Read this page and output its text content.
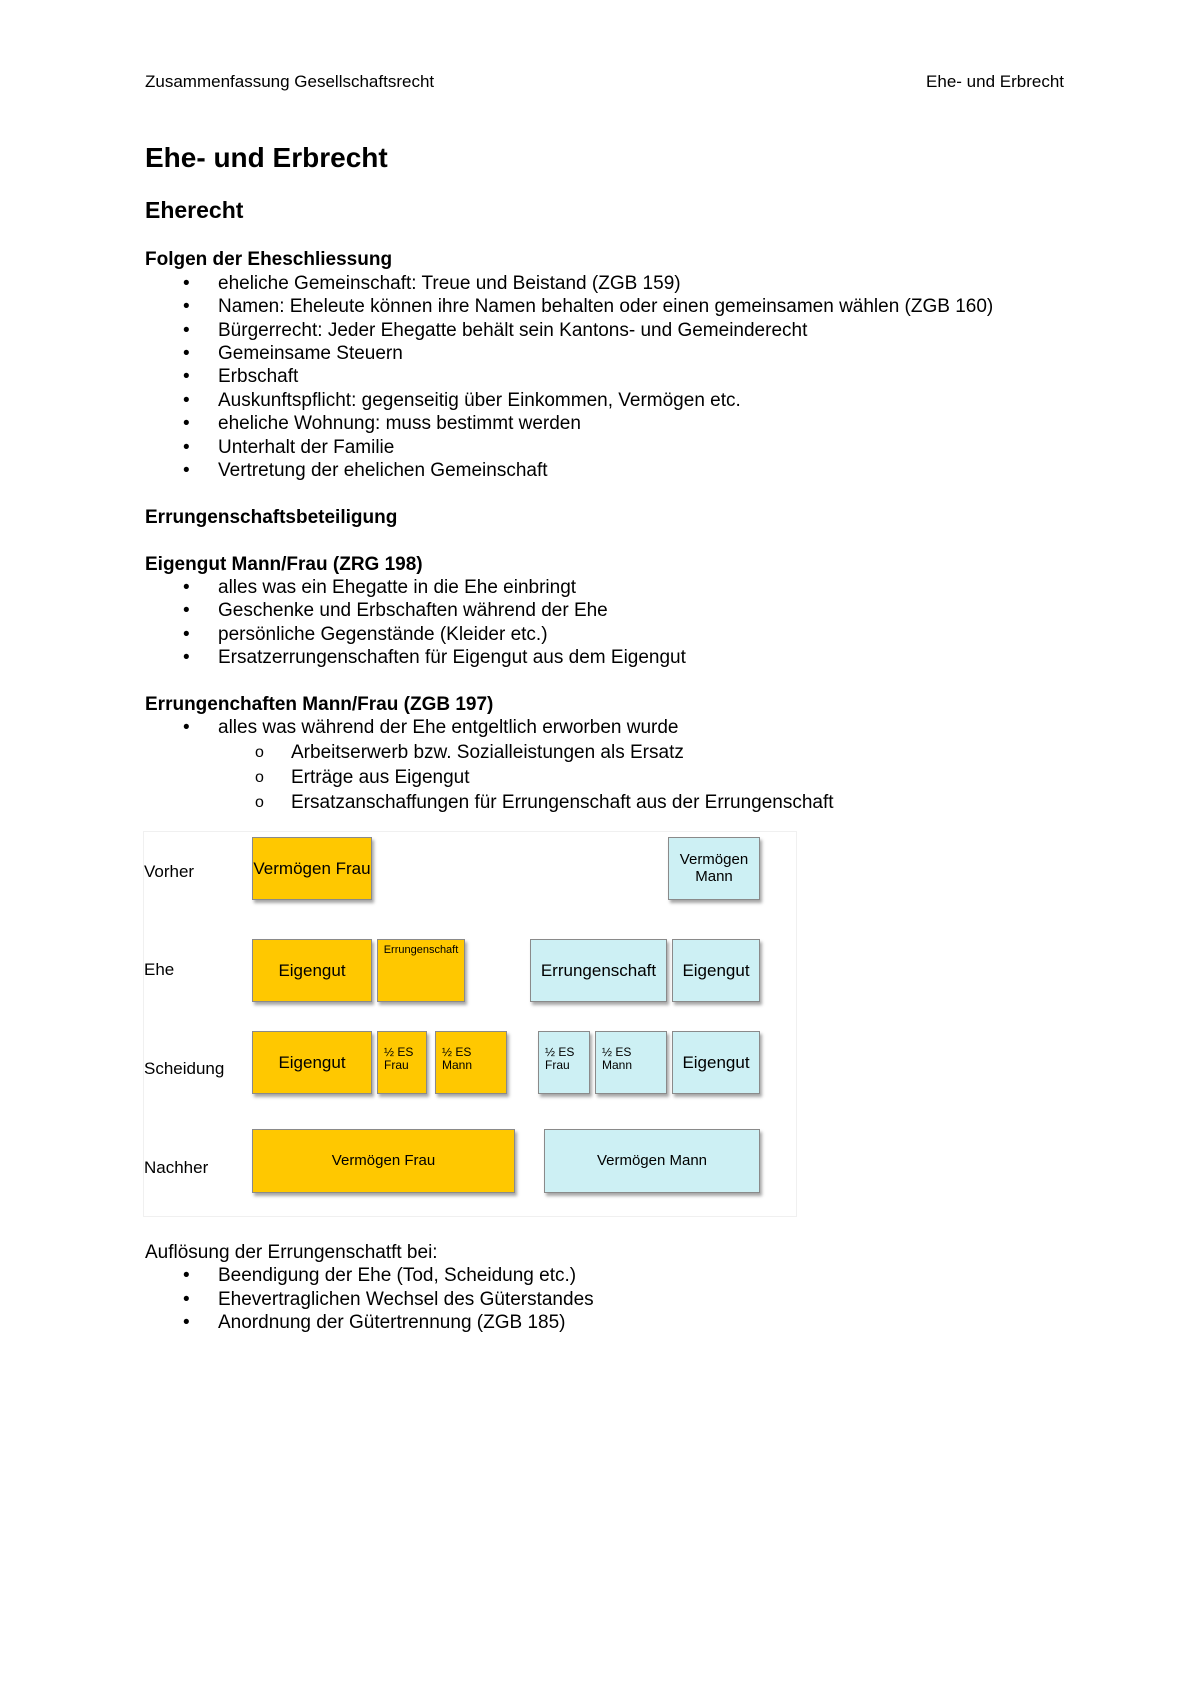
Zusammenfassung Gesellschaftsrecht	Ehe- und Erbrecht
Ehe- und Erbrecht
Eherecht
Folgen der Eheschliessung
• eheliche Gemeinschaft: Treue und Beistand (ZGB 159)
• Namen: Eheleute können ihre Namen behalten oder einen gemeinsamen wählen (ZGB 160)
• Bürgerrecht: Jeder Ehegatte behält sein Kantons- und Gemeinderecht
• Gemeinsame Steuern
• Erbschaft
• Auskunftspflicht: gegenseitig über Einkommen, Vermögen etc.
• eheliche Wohnung: muss bestimmt werden
• Unterhalt der Familie
• Vertretung der ehelichen Gemeinschaft
Errungenschaftsbeteiligung
Eigengut Mann/Frau (ZRG 198)
• alles was ein Ehegatte in die Ehe einbringt
• Geschenke und Erbschaften während der Ehe
• persönliche Gegenstände (Kleider etc.)
• Ersatzerrungenschaften für Eigengut aus dem Eigengut
Errungenchaften Mann/Frau (ZGB 197)
• alles was während der Ehe entgeltlich erworben wurde
o Arbeitserwerb bzw. Sozialleistungen als Ersatz
o Erträge aus Eigengut
o Ersatzanschaffungen für Errungenschaft aus der Errungenschaft
Vorher
Ehe
Scheidung
Nachher
Vermögen Frau	Vermögen Mann
Eigengut
Errungenschaft
Errungenschaft	Eigengut
Eigengut
½ ES
Frau
½ ES
Mann
½ ES
Frau
½ ES
Mann	Eigengut
Vermögen Frau	Vermögen Mann

Auflösung der Errungenschatft bei:

• Beendigung der Ehe (Tod, Scheidung etc.)
• Ehevertraglichen Wechsel des Güterstandes
• Anordnung der Gütertrennung (ZGB 185)
